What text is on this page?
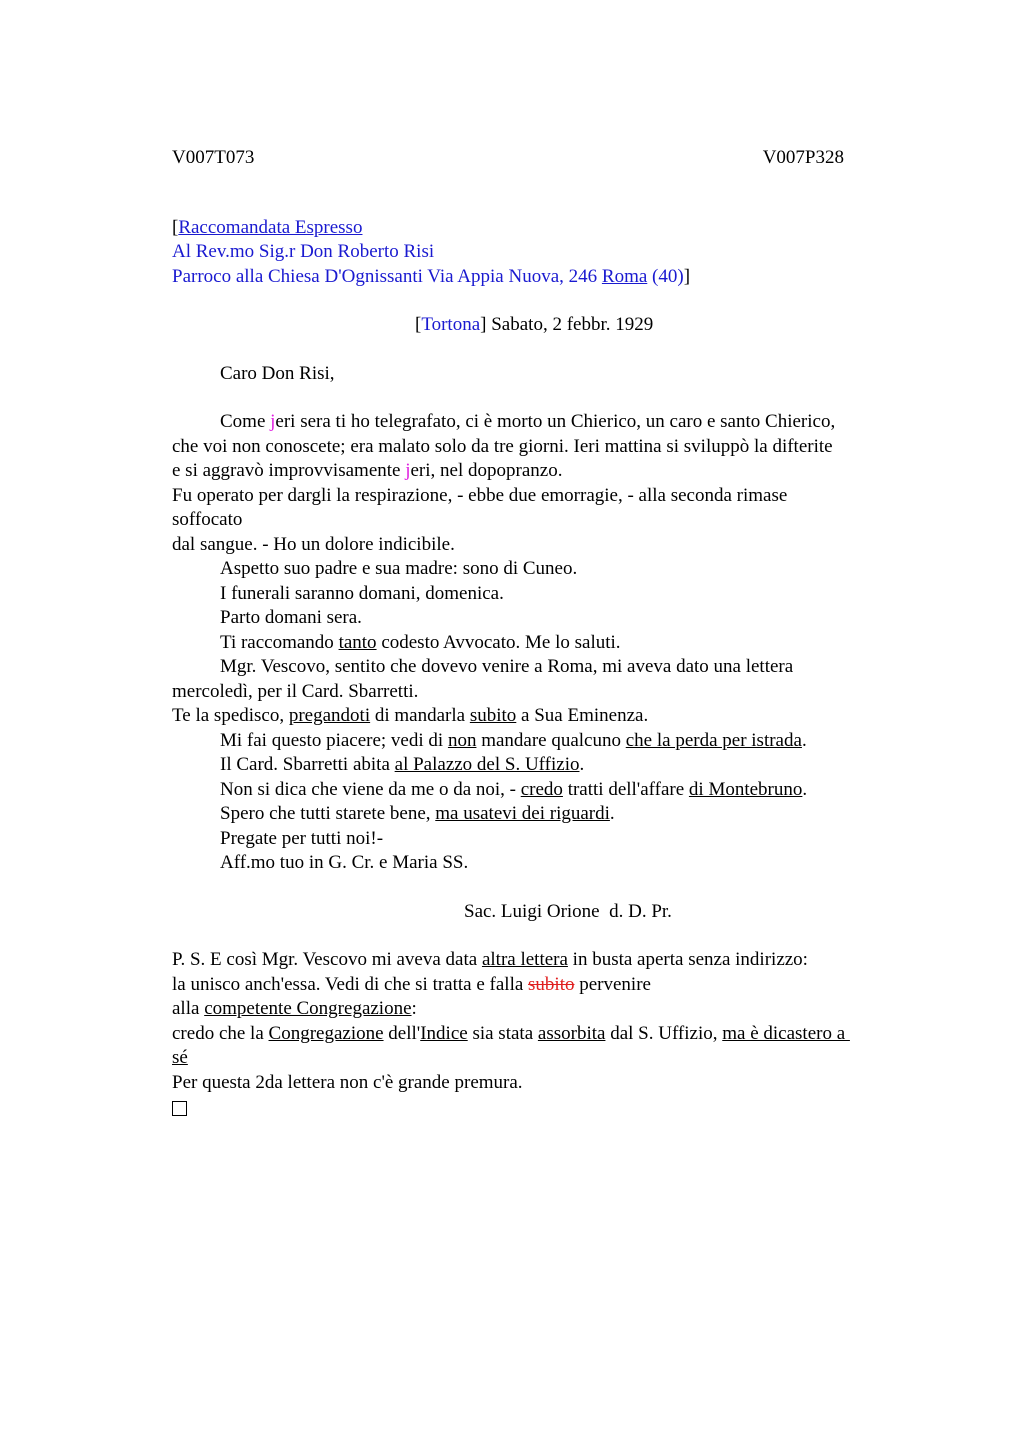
V007T073	V007P328
[Raccomandata Espresso
Al Rev.mo Sig.r Don Roberto Risi
Parroco alla Chiesa D'Ognissanti Via Appia Nuova, 246 Roma (40)]
[Tortona] Sabato, 2 febbr. 1929
Caro Don Risi,
Come jeri sera ti ho telegrafato, ci è morto un Chierico, un caro e santo Chierico,
che voi non conoscete; era malato solo da tre giorni. Ieri mattina si sviluppò la difterite
e si aggravò improvvisamente jeri, nel dopopranzo.
Fu operato per dargli la respirazione, - ebbe due emorragie, - alla seconda rimase
soffocato
dal sangue. - Ho un dolore indicibile.
Aspetto suo padre e sua madre: sono di Cuneo.
I funerali saranno domani, domenica.
Parto domani sera.
Ti raccomando tanto codesto Avvocato. Me lo saluti.
Mgr. Vescovo, sentito che dovevo venire a Roma, mi aveva dato una lettera
mercoledì, per il Card. Sbarretti.
Te la spedisco, pregandoti di mandarla subito a Sua Eminenza.
Mi fai questo piacere; vedi di non mandare qualcuno che la perda per istrada.
Il Card. Sbarretti abita al Palazzo del S. Uffizio.
Non si dica che viene da me o da noi, - credo tratti dell'affare di Montebruno.
Spero che tutti starete bene, ma usatevi dei riguardi.
Pregate per tutti noi!-
Aff.mo tuo in G. Cr. e Maria SS.
Sac. Luigi Orione  d. D. Pr.
P. S. E così Mgr. Vescovo mi aveva data altra lettera in busta aperta senza indirizzo:
la unisco anch'essa. Vedi di che si tratta e falla subito pervenire
alla competente Congregazione:
credo che la Congregazione dell'Indice sia stata assorbita dal S. Uffizio, ma è dicastero a
sé
Per questa 2da lettera non c'è grande premura.
